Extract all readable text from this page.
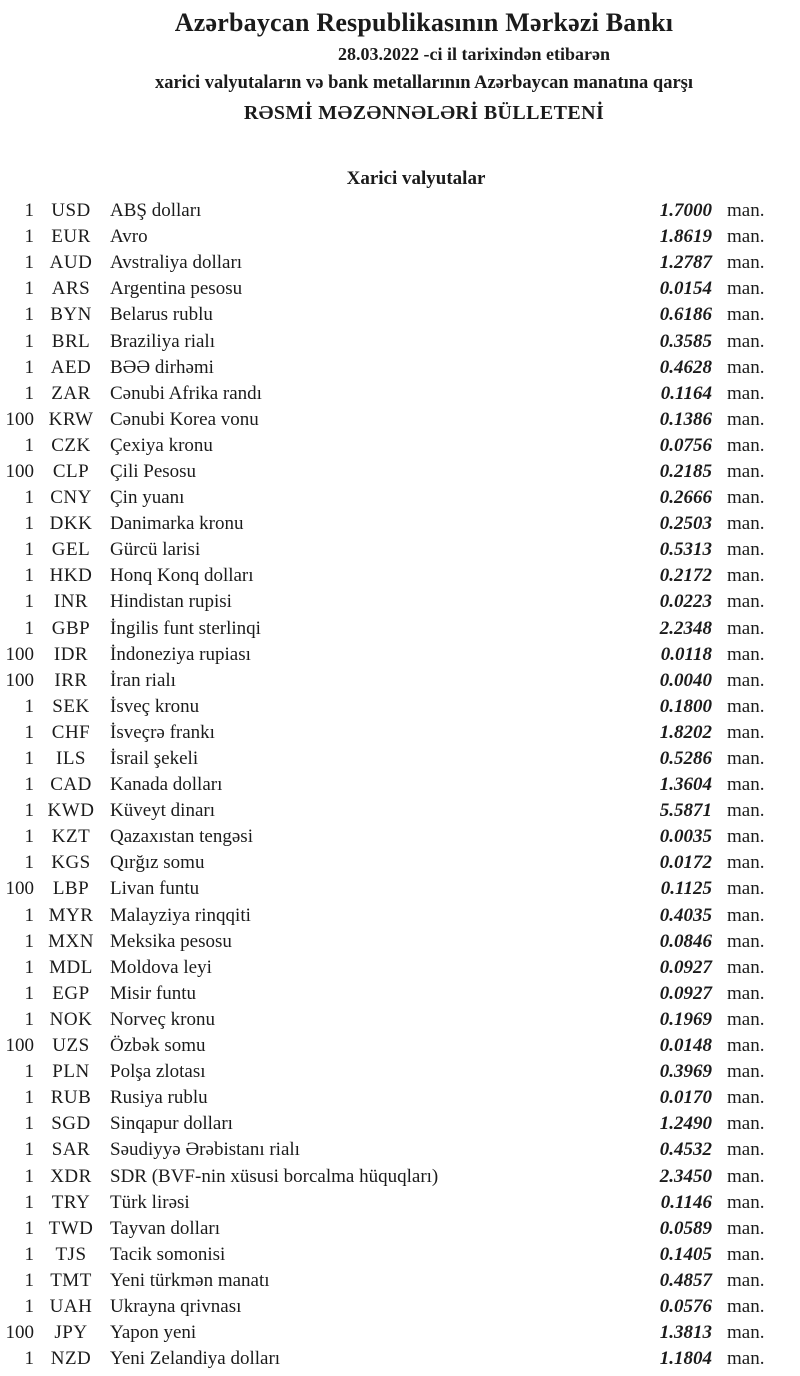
Azərbaycan Respublikasının Mərkəzi Bankı
28.03.2022 -ci il tarixindən etibarən
xarici valyutaların və bank metallarının Azərbaycan manatına qarşı
RƏSMİ MƏZƏNNƏLƏRİ BÜLLETENİ
Xarici valyutalar
1 USD	ABŞ dolları	1.7000 man.
1 EUR	Avro	1.8619 man.
1 AUD Avstraliya dolları	1.2787 man.
1 ARS	Argentina pesosu	0.0154 man.
1 BYN Belarus rublu	0.6186 man.
1 BRL	Braziliya rialı	0.3585 man.
1 AED BƏƏ dirhəmi	0.4628 man.
1 ZAR	Cənubi Afrika randı	0.1164 man.
100 KRW Cənubi Korea vonu	0.1386 man.
1 CZK	Çexiya kronu	0.0756 man.
100 CLP	Çili Pesosu	0.2185 man.
1 CNY Çin yuanı	0.2666 man.
1 DKK Danimarka kronu	0.2503 man.
1 GEL	Gürcü larisi	0.5313 man.
1 HKD Honq Konq dolları	0.2172 man.
1	INR	Hindistan rupisi	0.0223 man.
1 GBP	İngilis funt sterlinqi	2.2348 man.
100	IDR	İndoneziya rupiası	0.0118 man.
100	IRR	İran rialı	0.0040 man.
1 SEK	İsveç kronu	0.1800 man.
1 CHF	İsveçrə frankı	1.8202 man.
1	ILS	İsrail şekeli	0.5286 man.
1 CAD Kanada dolları	1.3604 man.
1 KWD Küveyt dinarı	5.5871 man.
1 KZT	Qazaxıstan tengəsi	0.0035 man.
1 KGS	Qırğız somu	0.0172 man.
100 LBP	Livan funtu	0.1125 man.
1 MYR Malayziya rinqqiti	0.4035 man.
1 MXN Meksika pesosu	0.0846 man.
1 MDL Moldova leyi	0.0927 man.
1 EGP	Misir funtu	0.0927 man.
1 NOK Norveç kronu	0.1969 man.
100 UZS	Özbək somu	0.0148 man.
1 PLN	Polşa zlotası	0.3969 man.
1 RUB Rusiya rublu	0.0170 man.
1 SGD	Sinqapur dolları	1.2490 man.
1 SAR	Səudiyyə Ərəbistanı rialı	0.4532 man.
1 XDR SDR (BVF-nin xüsusi borcalma hüquqları)	2.3450 man.
1 TRY	Türk lirəsi	0.1146 man.
1 TWD Tayvan dolları	0.0589 man.
1	TJS	Tacik somonisi	0.1405 man.
1 TMT Yeni türkmən manatı	0.4857 man.
1 UAH Ukrayna qrivnası	0.0576 man.
100	JPY	Yapon yeni	1.3813 man.
1 NZD Yeni Zelandiya dolları	1.1804 man.
